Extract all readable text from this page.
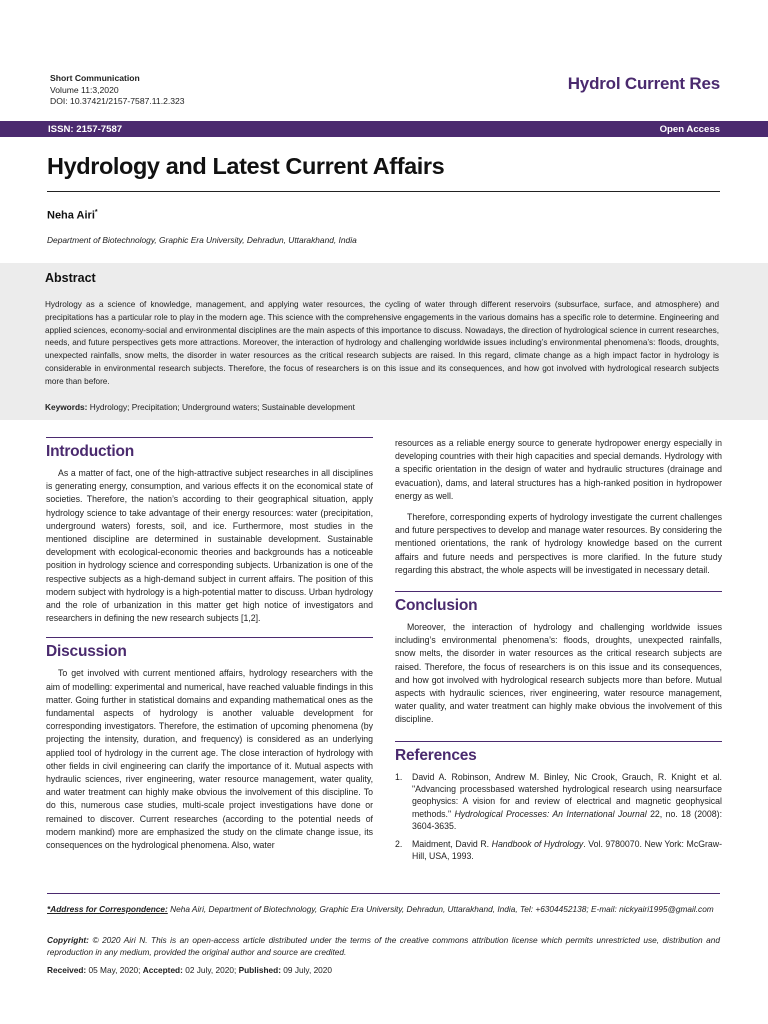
Short Communication
Volume 11:3,2020
DOI: 10.37421/2157-7587.11.2.323
Hydrol Current Res
ISSN: 2157-7587	Open Access
Hydrology and Latest Current Affairs
Neha Airi*
Department of Biotechnology, Graphic Era University, Dehradun, Uttarakhand, India
Abstract

Hydrology as a science of knowledge, management, and applying water resources, the cycling of water through different reservoirs (subsurface, surface, and atmosphere) and precipitations has a particular role to play in the modern age. This science with the comprehensive engagements in the various domains has a specific role to determine. Engineering and applied sciences, economy-social and environmental disciplines are the main aspects of this importance to discuss. Nowadays, the direction of hydrological science in current researches, needs, and future perspectives gets more attractions. Moreover, the interaction of hydrology and challenging worldwide issues including’s environmental phenomena’s: floods, droughts, unexpected rainfalls, snow melts, the disorder in water resources as the critical research subjects are raised. In this regard, climate change as a high impact factor in hydrology is considerable in environmental research subjects. Therefore, the focus of researchers is on this issue and its consequences, and how got involved with hydrological research subjects more than before.

Keywords: Hydrology; Precipitation; Underground waters; Sustainable development
Introduction

As a matter of fact, one of the high-attractive subject researches in all disciplines is generating energy, consumption, and various effects it on the economical state of societies. Therefore, the nation’s according to their geographical situation, apply hydrology science to take advantage of their energy resources: water (precipitation, underground waters) forests, soil, and ice. Furthermore, most studies in the mentioned discipline are determined in sustainable development. Sustainable development with ecological-economic theories and backgrounds has a noticeable position in hydrology science and corresponding subjects. Urbanization is one of the respective subjects as a high-demand subject in current affairs. The position of this modern subject with hydrology is a high-potential matter to discuss. Urban hydrology and the role of urbanization in this matter get high notice of investigators and researchers in defining the new research subjects [1,2].

Discussion

To get involved with current mentioned affairs, hydrology researchers with the aim of modelling: experimental and numerical, have reached valuable findings in this matter. Going further in statistical domains and expanding mathematical ones as the fundamental aspects of hydrology is another valuable development for corresponding investigators. Therefore, the estimation of upcoming phenomena (by projecting the intensity, duration, and frequency) is considered as an underlying applied tool of hydrology in the current age. The close interaction of hydrology with other fields in civil engineering can clarify the importance of it. Mutual aspects with hydraulic sciences, river engineering, water resource management, water quality, and water treatment can highly make obvious the involvement of this discipline. To do this, numerous case studies, multi-scale project investigations have done or remained to discover. Current researches (according to the potential needs of modern mankind) more are emphasized the study on the climate change issue, its consequences on the hydrological phenomena. Also, water

resources as a reliable energy source to generate hydropower energy especially in developing countries with their high capacities and special demands. Hydrology with a specific orientation in the design of water and hydraulic structures (drainage and evacuation), dams, and lateral structures has a high-ranked position in hydropower energy as well.

Therefore, corresponding experts of hydrology investigate the current challenges and future perspectives to develop and manage water resources. By considering the mentioned orientations, the rank of hydrology knowledge based on the current affairs and future needs and perspectives is more clarified. In the future study regarding this abstract, the whole aspects will be investigated in necessary detail.

Conclusion

Moreover, the interaction of hydrology and challenging worldwide issues including’s environmental phenomena’s: floods, droughts, unexpected rainfalls, snow melts, the disorder in water resources as the critical research subjects are raised. Therefore, the focus of researchers is on this issue and its consequences, and how got involved with hydrological research subjects more than before. Mutual aspects with hydraulic sciences, river engineering, water resource management, water quality, and water treatment can highly make obvious the involvement of this discipline.

References
1. David A. Robinson, Andrew M. Binley, Nic Crook, Grauch, R. Knight et al. "Advancing processbased watershed hydrological research using nearsurface geophysics: A vision for and review of electrical and magnetic geophysical methods." Hydrological Processes: An International Journal 22, no. 18 (2008): 3604-3635.
2. Maidment, David R. Handbook of Hydrology. Vol. 9780070. New York: McGraw-Hill, USA, 1993.

*Address for Correspondence: Neha Airi, Department of Biotechnology, Graphic Era University, Dehradun, Uttarakhand, India, Tel: +6304452138; E-mail: nickyairi1995@gmail.com

Copyright: © 2020 Airi N. This is an open-access article distributed under the terms of the creative commons attribution license which permits unrestricted use, distribution and reproduction in any medium, provided the original author and source are credited.

Received: 05 May, 2020; Accepted: 02 July, 2020; Published: 09 July, 2020
